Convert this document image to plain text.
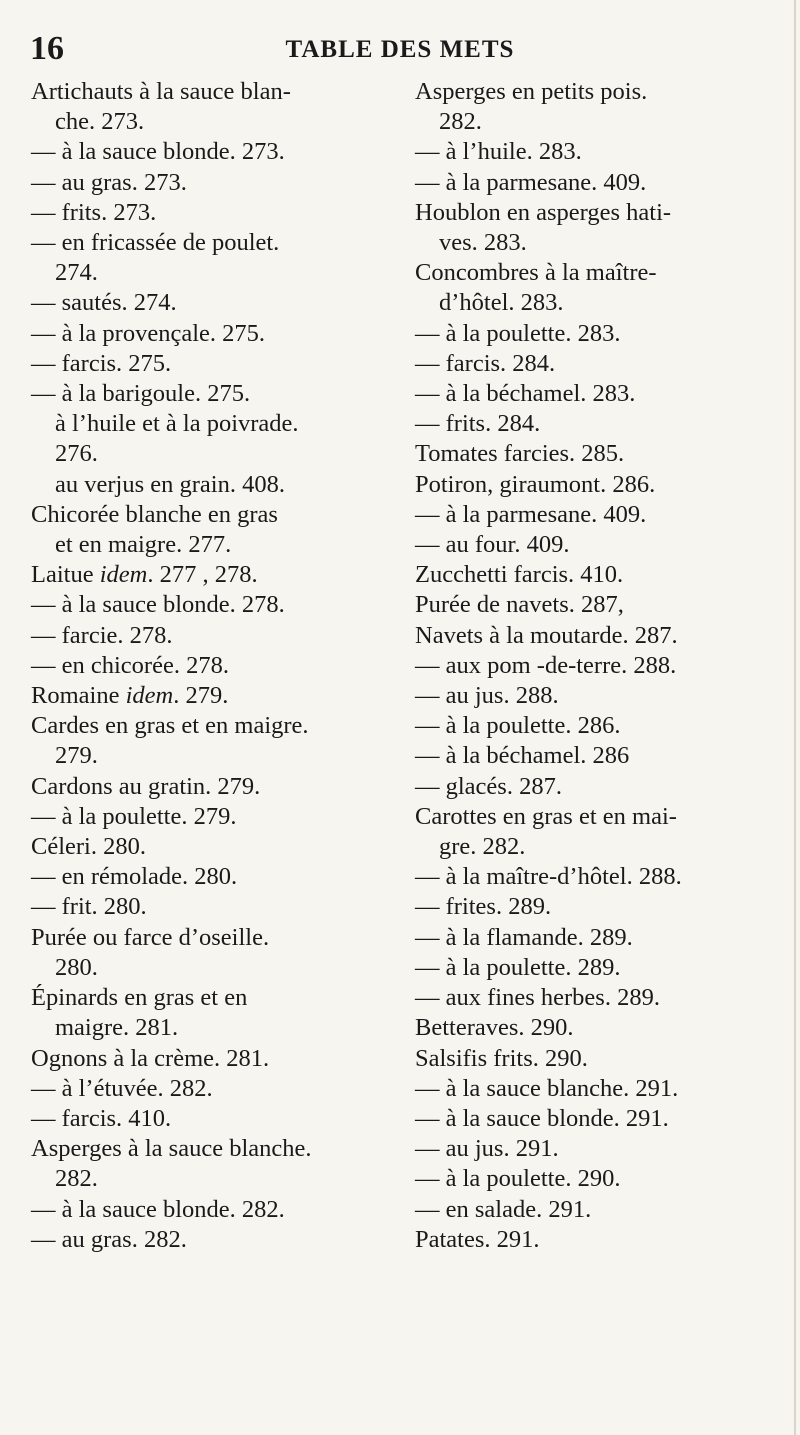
16	TABLE DES METS
Artichauts à la sauce blan-
che. 273.
— à la sauce blonde. 273.
— au gras. 273.
— frits. 273.
— en fricassée de poulet.
274.
— sautés. 274.
— à la provençale. 275.
— farcis. 275.
— à la barigoule. 275.
à l’huile et à la poivrade.
276.
au verjus en grain. 408.
Chicorée blanche en gras
et en maigre. 277.
Laitue idem. 277 , 278.
— à la sauce blonde. 278.
— farcie. 278.
— en chicorée. 278.
Romaine idem. 279.
Cardes en gras et en maigre.
279.
Cardons au gratin. 279.
— à la poulette. 279.
Céleri. 280.
— en rémolade. 280.
— frit. 280.
Purée ou farce d’oseille.
280.
Épinards en gras et en
maigre. 281.
Ognons à la crème. 281.
— à l’étuvée. 282.
— farcis. 410.
Asperges à la sauce blanche.
282.
— à la sauce blonde. 282.
— au gras. 282.
Asperges en petits pois.
282.
— à l’huile. 283.
— à la parmesane. 409.
Houblon en asperges hati-
ves. 283.
Concombres à la maître-
d’hôtel. 283.
— à la poulette. 283.
— farcis. 284.
— à la béchamel. 283.
— frits. 284.
Tomates farcies. 285.
Potiron, giraumont. 286.
— à la parmesane. 409.
— au four. 409.
Zucchetti farcis. 410.
Purée de navets. 287,
Navets à la moutarde. 287.
— aux pom -de-terre. 288.
— au jus. 288.
— à la poulette. 286.
— à la béchamel. 286
— glacés. 287.
Carottes en gras et en mai-
gre. 282.
— à la maître-d’hôtel. 288.
— frites. 289.
— à la flamande. 289.
— à la poulette. 289.
— aux fines herbes. 289.
Betteraves. 290.
Salsifis frits. 290.
— à la sauce blanche. 291.
— à la sauce blonde. 291.
— au jus. 291.
— à la poulette. 290.
— en salade. 291.
Patates. 291.
